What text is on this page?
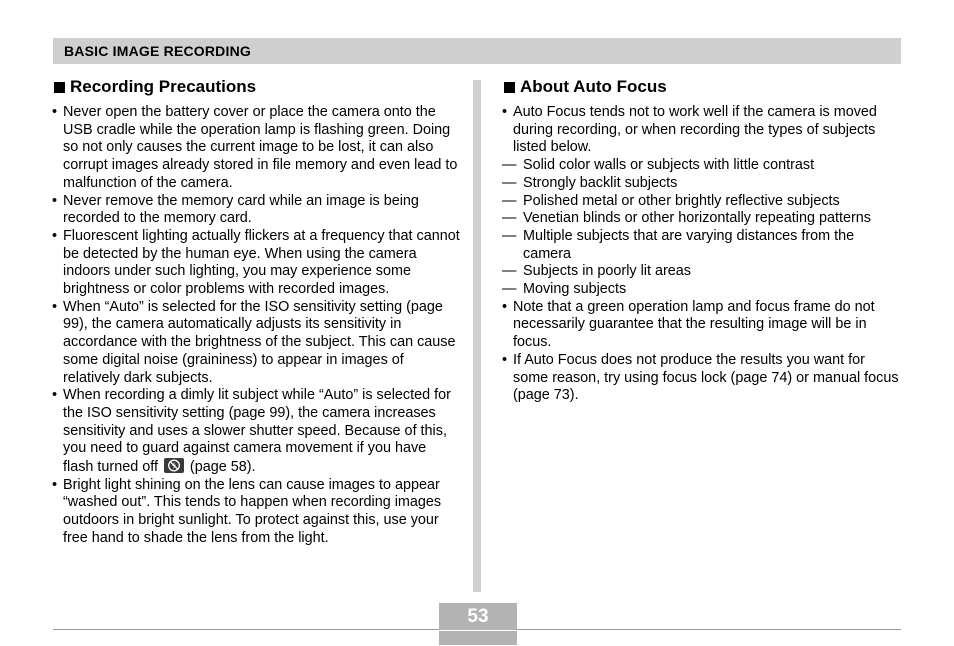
BASIC IMAGE RECORDING
Recording Precautions
• Never open the battery cover or place the camera onto the USB cradle while the operation lamp is flashing green. Doing so not only causes the current image to be lost, it can also corrupt images already stored in file memory and even lead to malfunction of the camera.
• Never remove the memory card while an image is being recorded to the memory card.
• Fluorescent lighting actually flickers at a frequency that cannot be detected by the human eye. When using the camera indoors under such lighting, you may experience some brightness or color problems with recorded images.
• When “Auto” is selected for the ISO sensitivity setting (page 99), the camera automatically adjusts its sensitivity in accordance with the brightness of the subject. This can cause some digital noise (graininess) to appear in images of relatively dark subjects.
• When recording a dimly lit subject while “Auto” is selected for the ISO sensitivity setting (page 99), the camera increases sensitivity and uses a slower shutter speed. Because of this, you need to guard against camera movement if you have flash turned off
(page 58).
• Bright light shining on the lens can cause images to appear “washed out”. This tends to happen when recording images outdoors in bright sunlight. To protect against this, use your free hand to shade the lens from the light.
About Auto Focus
• Auto Focus tends not to work well if the camera is moved during recording, or when recording the types of subjects listed below.
— Solid color walls or subjects with little contrast
— Strongly backlit subjects
— Polished metal or other brightly reflective subjects
— Venetian blinds or other horizontally repeating patterns
— Multiple subjects that are varying distances from the camera
— Subjects in poorly lit areas
— Moving subjects
• Note that a green operation lamp and focus frame do not necessarily guarantee that the resulting image will be in focus.
• If Auto Focus does not produce the results you want for some reason, try using focus lock (page 74) or manual focus (page 73).
53
